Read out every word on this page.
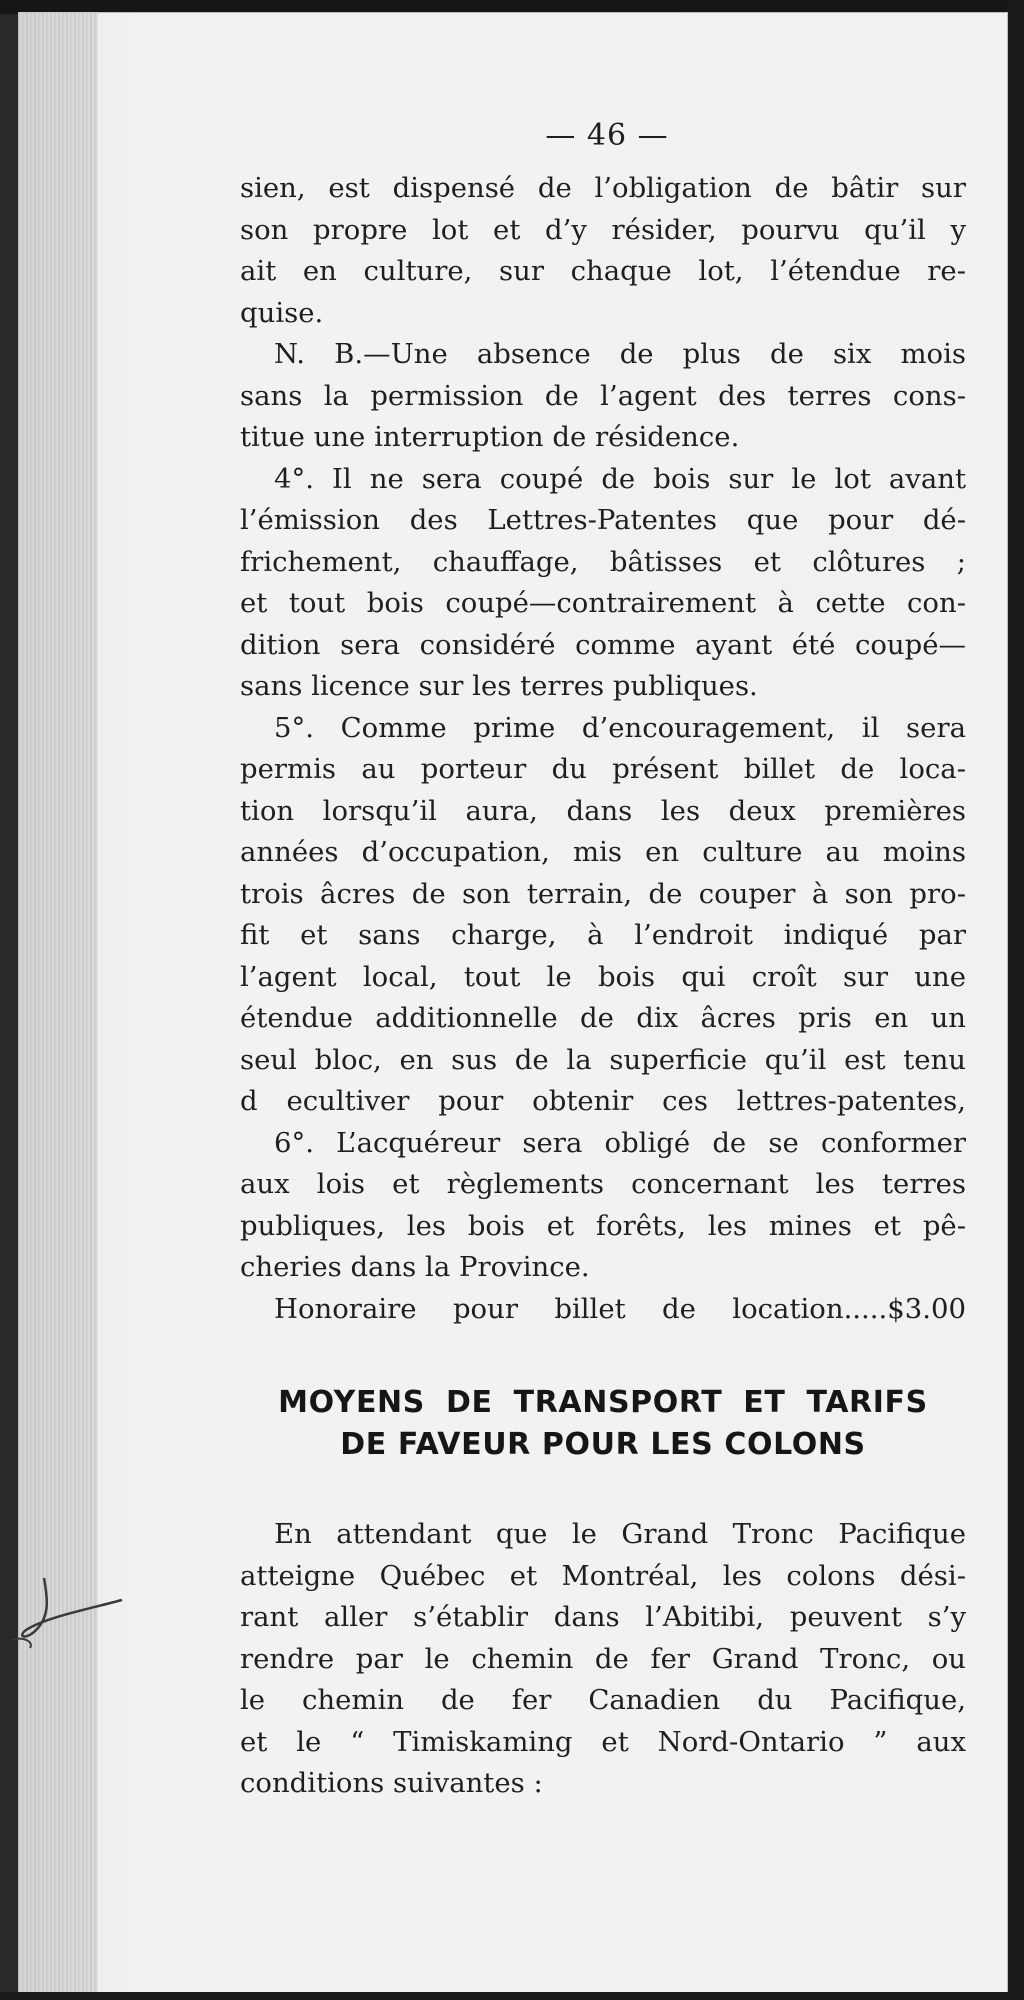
— 46 —
sien, est dispensé de l’obligation de bâtir sur
son propre lot et d’y résider, pourvu qu’il y
ait en culture, sur chaque lot, l’étendue re-
quise.
N. B.—Une absence de plus de six mois
sans la permission de l’agent des terres cons-
titue une interruption de résidence.
4°. Il ne sera coupé de bois sur le lot avant
l’émission des Lettres-Patentes que pour dé-
frichement, chauffage, bâtisses et clôtures ;
et tout bois coupé—contrairement à cette con-
dition sera considéré comme ayant été coupé—
sans licence sur les terres publiques.
5°. Comme prime d’encouragement, il sera
permis au porteur du présent billet de loca-
tion lorsqu’il aura, dans les deux premières
années d’occupation, mis en culture au moins
trois âcres de son terrain, de couper à son pro-
fit et sans charge, à l’endroit indiqué par
l’agent local, tout le bois qui croît sur une
étendue additionnelle de dix âcres pris en un
seul bloc, en sus de la superficie qu’il est tenu
d ecultiver pour obtenir ces lettres-patentes,
6°. L’acquéreur sera obligé de se conformer
aux lois et règlements concernant les terres
publiques, les bois et forêts, les mines et pê-
cheries dans la Province.
Honoraire pour billet de location.....$3.00
MOYENS DE TRANSPORT ET TARIFS
DE FAVEUR POUR LES COLONS
En attendant que le Grand Tronc Pacifique
atteigne Québec et Montréal, les colons dési-
rant aller s’établir dans l’Abitibi, peuvent s’y
rendre par le chemin de fer Grand Tronc, ou
le chemin de fer Canadien du Pacifique,
et le “ Timiskaming et Nord-Ontario ” aux
conditions suivantes :
